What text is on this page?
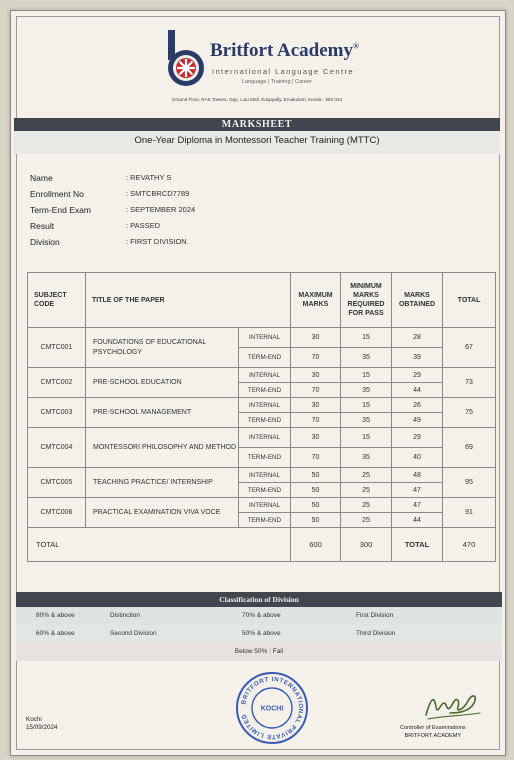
Britfort Academy®
International Language Centre
Language | Training | Career
Ground Floor, RAK Towers, Opp. Lulu Mall, Edappally, Ernakulam, Kerala - 682 024
MARKSHEET
One-Year Diploma in Montessori Teacher Training (MTTC)
Name	: REVATHY S
Enrollment No	: SMTCBRCD7789
Term-End Exam	: SEPTEMBER 2024
Result	: PASSED
Division	: FIRST DIVISION
SUBJECT CODE	TITLE OF THE PAPER		MAXIMUM MARKS	MINIMUM MARKS REQUIRED FOR PASS	MARKS OBTAINED	TOTAL
CMTC001	FOUNDATIONS OF EDUCATIONAL PSYCHOLOGY	INTERNAL	30	15	28	67
		TERM-END	70	35	39	
CMTC002	PRE-SCHOOL EDUCATION	INTERNAL	30	15	29	73
		TERM-END	70	35	44	
CMTC003	PRE-SCHOOL MANAGEMENT	INTERNAL	30	15	26	75
		TERM-END	70	35	49	
CMTC004	MONTESSORI PHILOSOPHY AND METHOD	INTERNAL	30	15	29	69
		TERM-END	70	35	40	
CMTC005	TEACHING PRACTICE/ INTERNSHIP	INTERNAL	50	25	48	95
		TERM-END	50	25	47	
CMTC006	PRACTICAL EXAMINATION VIVA VOCE	INTERNAL	50	25	47	91
		TERM-END	50	25	44	
TOTAL			600	300	TOTAL	470
Classification of Division
80% & above	Distinction	70% & above	First Division
60% & above	Second Division	50% & above	Third Division
Below 50% : Fail
BRITFORT INTERNATIONAL PRIVATE LIMITED
KOCHI
Kochi
15/09/2024	Controller of Examinations
BRITFORT ACADEMY
